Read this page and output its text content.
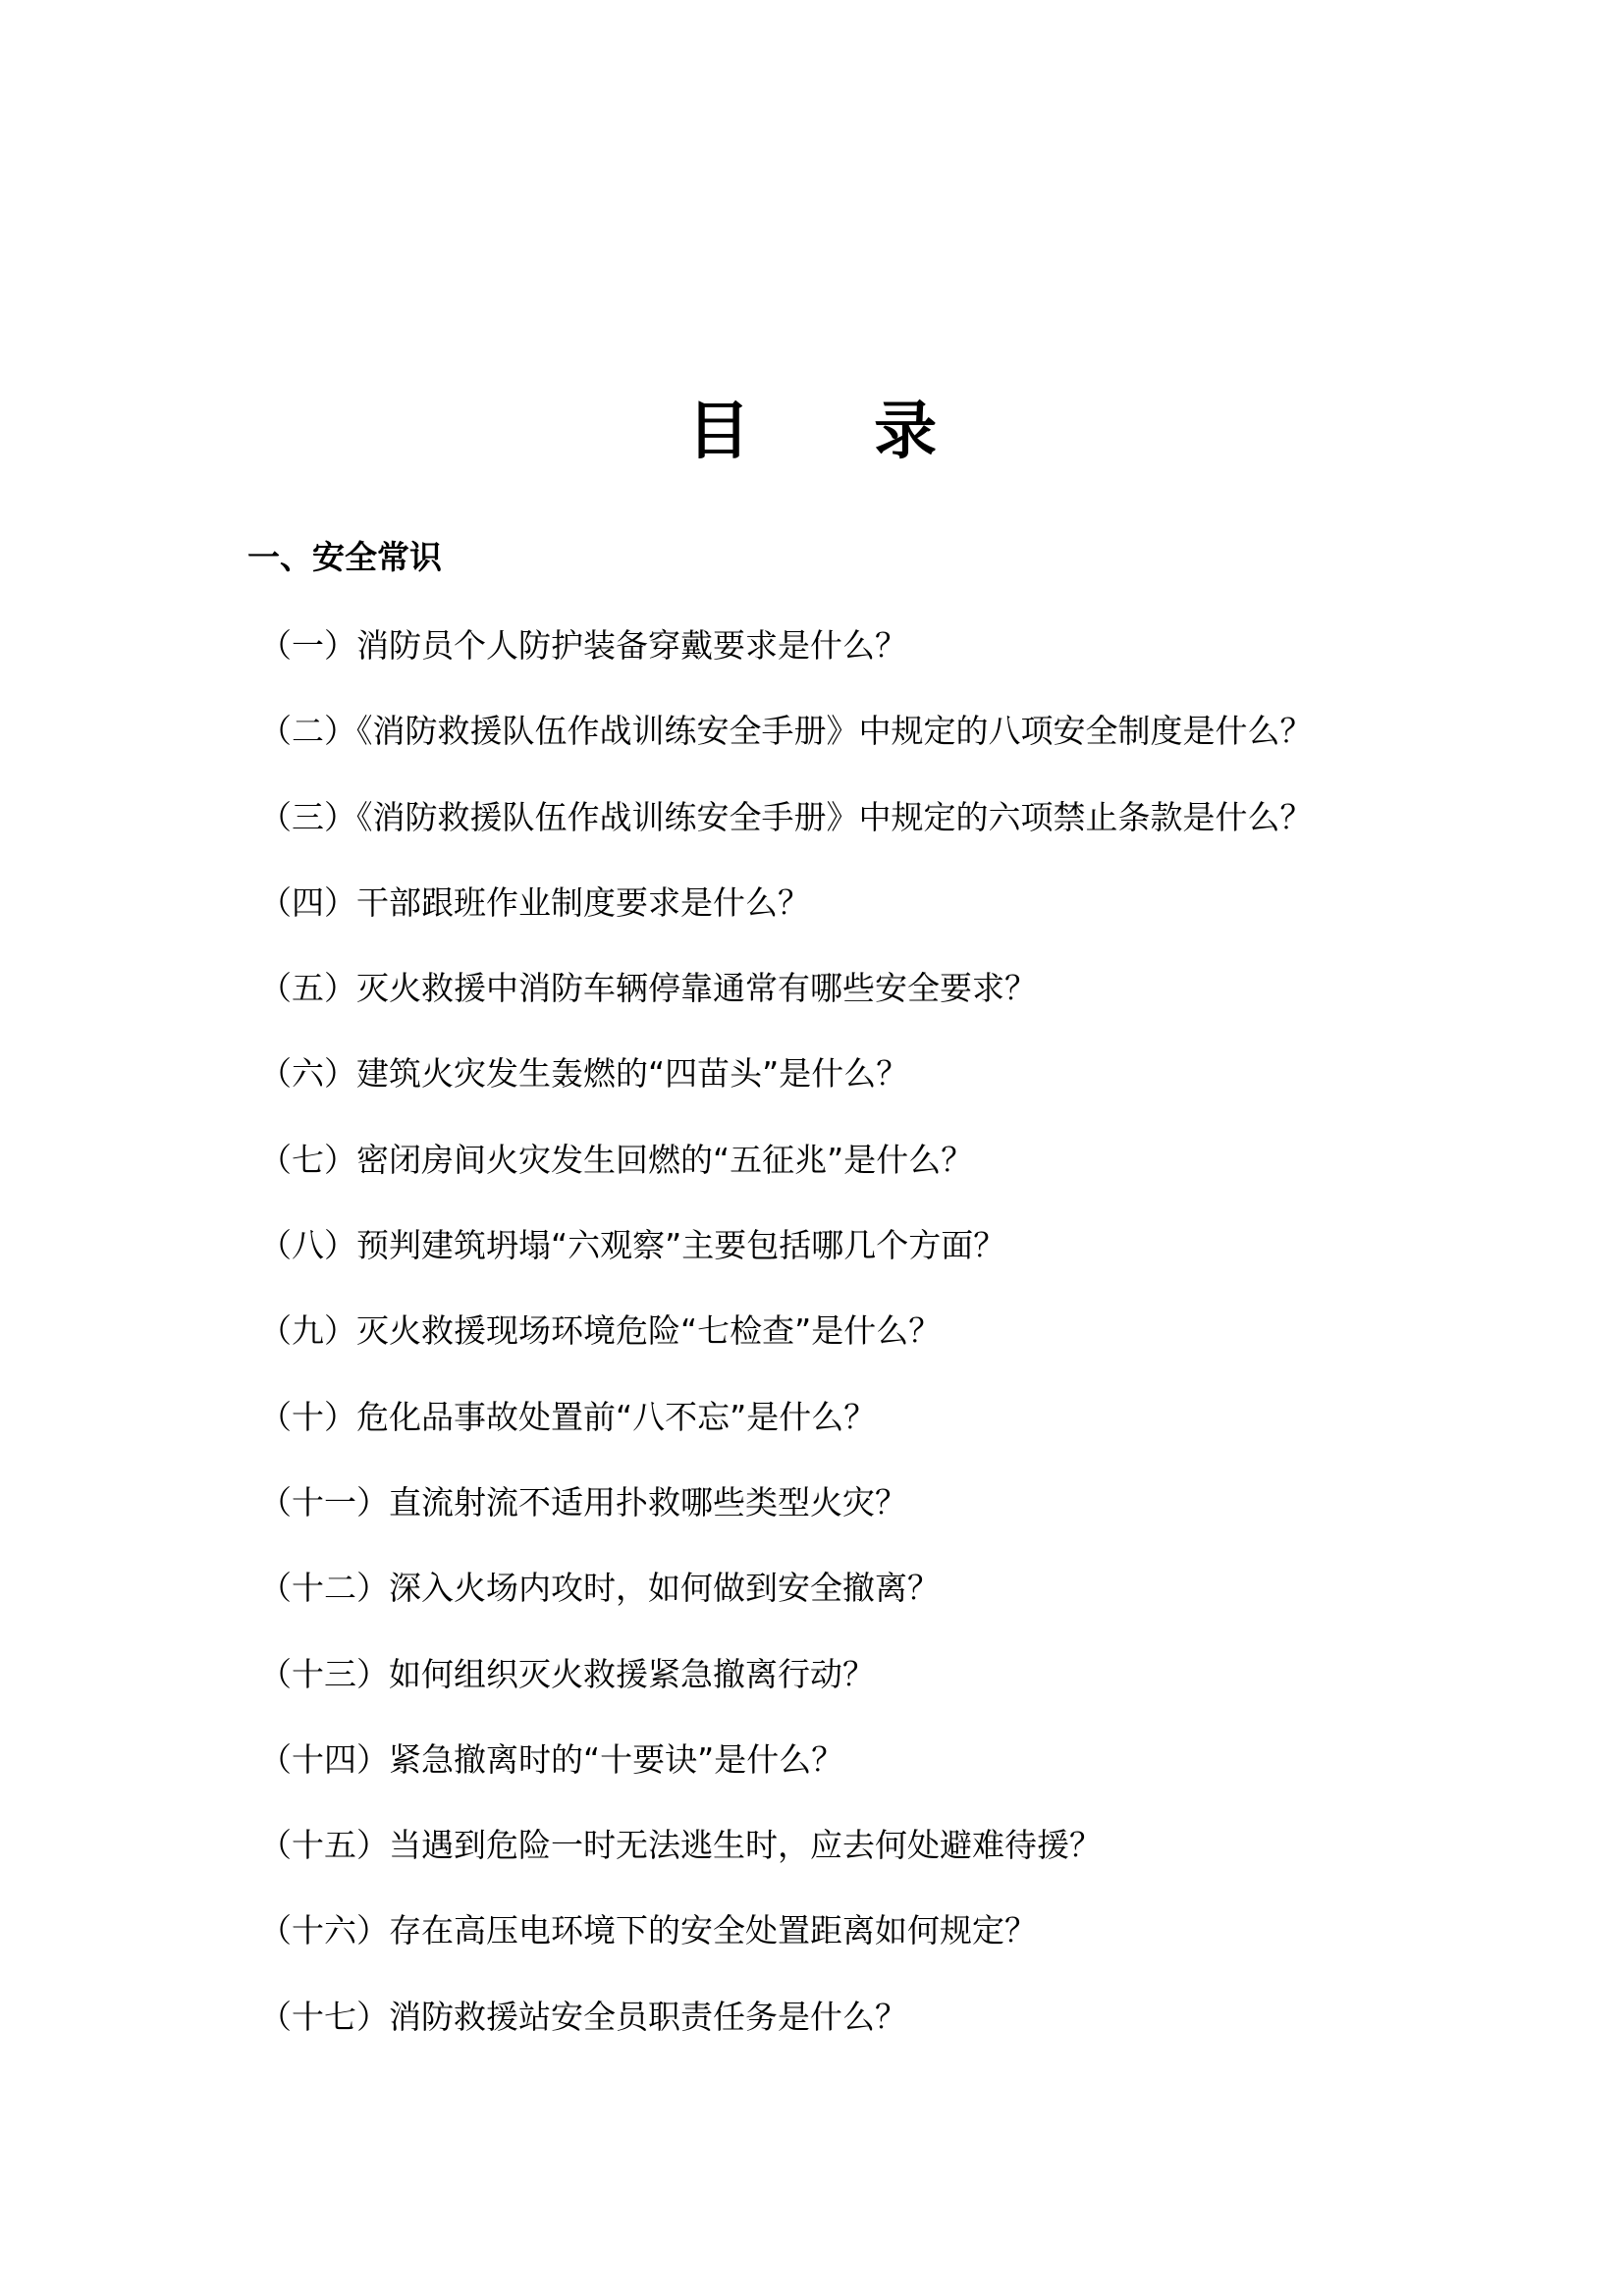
目 录
一、安全常识
（一）消防员个人防护装备穿戴要求是什么？
（二）《消防救援队伍作战训练安全手册》中规定的八项安全制度是什么？
（三）《消防救援队伍作战训练安全手册》中规定的六项禁止条款是什么？
（四）干部跟班作业制度要求是什么？
（五）灭火救援中消防车辆停靠通常有哪些安全要求？
（六）建筑火灾发生轰燃的“四苗头”是什么？
（七）密闭房间火灾发生回燃的“五征兆”是什么？
（八）预判建筑坍塌“六观察”主要包括哪几个方面？
（九）灭火救援现场环境危险“七检查”是什么？
（十）危化品事故处置前“八不忘”是什么？
（十一）直流射流不适用扑救哪些类型火灾？
（十二）深入火场内攻时，如何做到安全撤离？
（十三）如何组织灭火救援紧急撤离行动？
（十四）紧急撤离时的“十要诀”是什么？
（十五）当遇到危险一时无法逃生时，应去何处避难待援？
（十六）存在高压电环境下的安全处置距离如何规定？
（十七）消防救援站安全员职责任务是什么？
